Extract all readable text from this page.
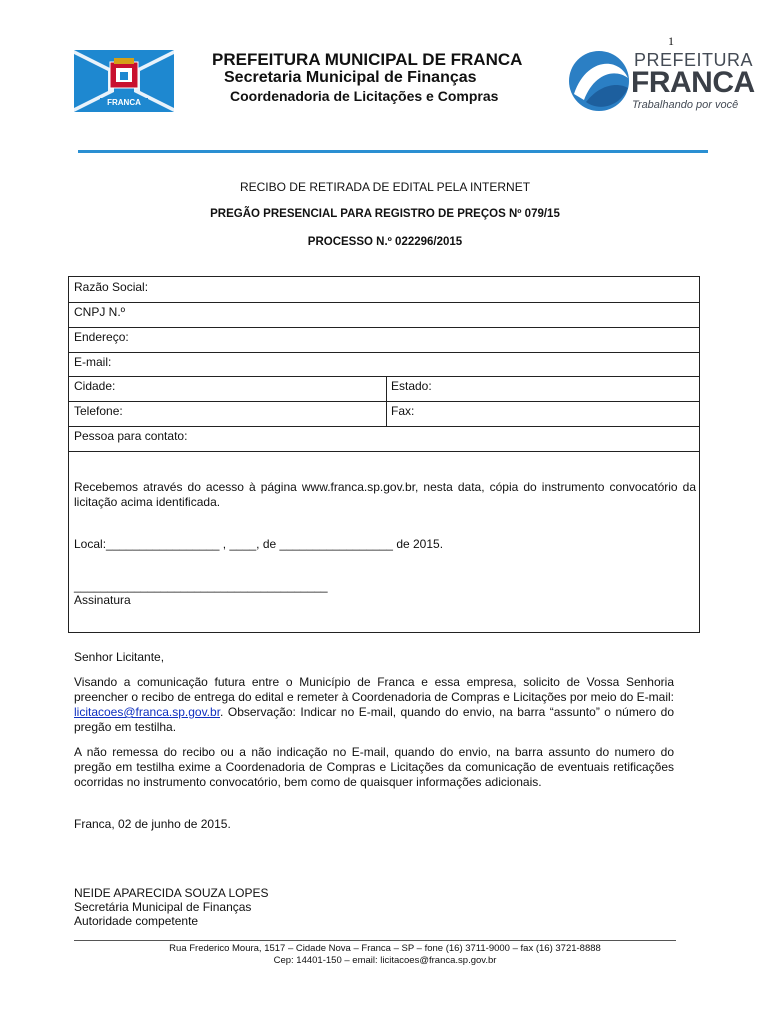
1
FRANCA
PREFEITURA MUNICIPAL DE FRANCA
Secretaria Municipal de Finanças
Coordenadoria de Licitações e Compras
PREFEITURA
FRANCA
Trabalhando por você
RECIBO DE RETIRADA DE EDITAL PELA INTERNET
PREGÃO PRESENCIAL PARA REGISTRO DE PREÇOS Nº 079/15
PROCESSO N.º 022296/2015
Razão Social:
CNPJ N.º
Endereço:
E-mail:
Cidade:	Estado:
Telefone:	Fax:
Pessoa para contato:
Recebemos através do acesso à página www.franca.sp.gov.br, nesta data, cópia do instrumento convocatório da licitação acima identificada.
Local:_________________ , ____, de _________________ de 2015.
______________________________________
Assinatura
Senhor Licitante,
Visando a comunicação futura entre o Município de Franca e essa empresa, solicito de Vossa Senhoria preencher o recibo de entrega do edital e remeter à Coordenadoria de Compras e Licitações por meio do E-mail: licitacoes@franca.sp.gov.br. Observação: Indicar no E-mail, quando do envio, na barra “assunto” o número do pregão em testilha.
A não remessa do recibo ou a não indicação no E-mail, quando do envio, na barra assunto do numero do pregão em testilha exime a Coordenadoria de Compras e Licitações da comunicação de eventuais retificações ocorridas no instrumento convocatório, bem como de quaisquer informações adicionais.
Franca, 02 de junho de 2015.
NEIDE APARECIDA SOUZA LOPES
Secretária Municipal de Finanças
Autoridade competente
Rua Frederico Moura, 1517 – Cidade Nova – Franca – SP – fone (16) 3711-9000 – fax (16) 3721-8888
Cep: 14401-150 – email: licitacoes@franca.sp.gov.br
